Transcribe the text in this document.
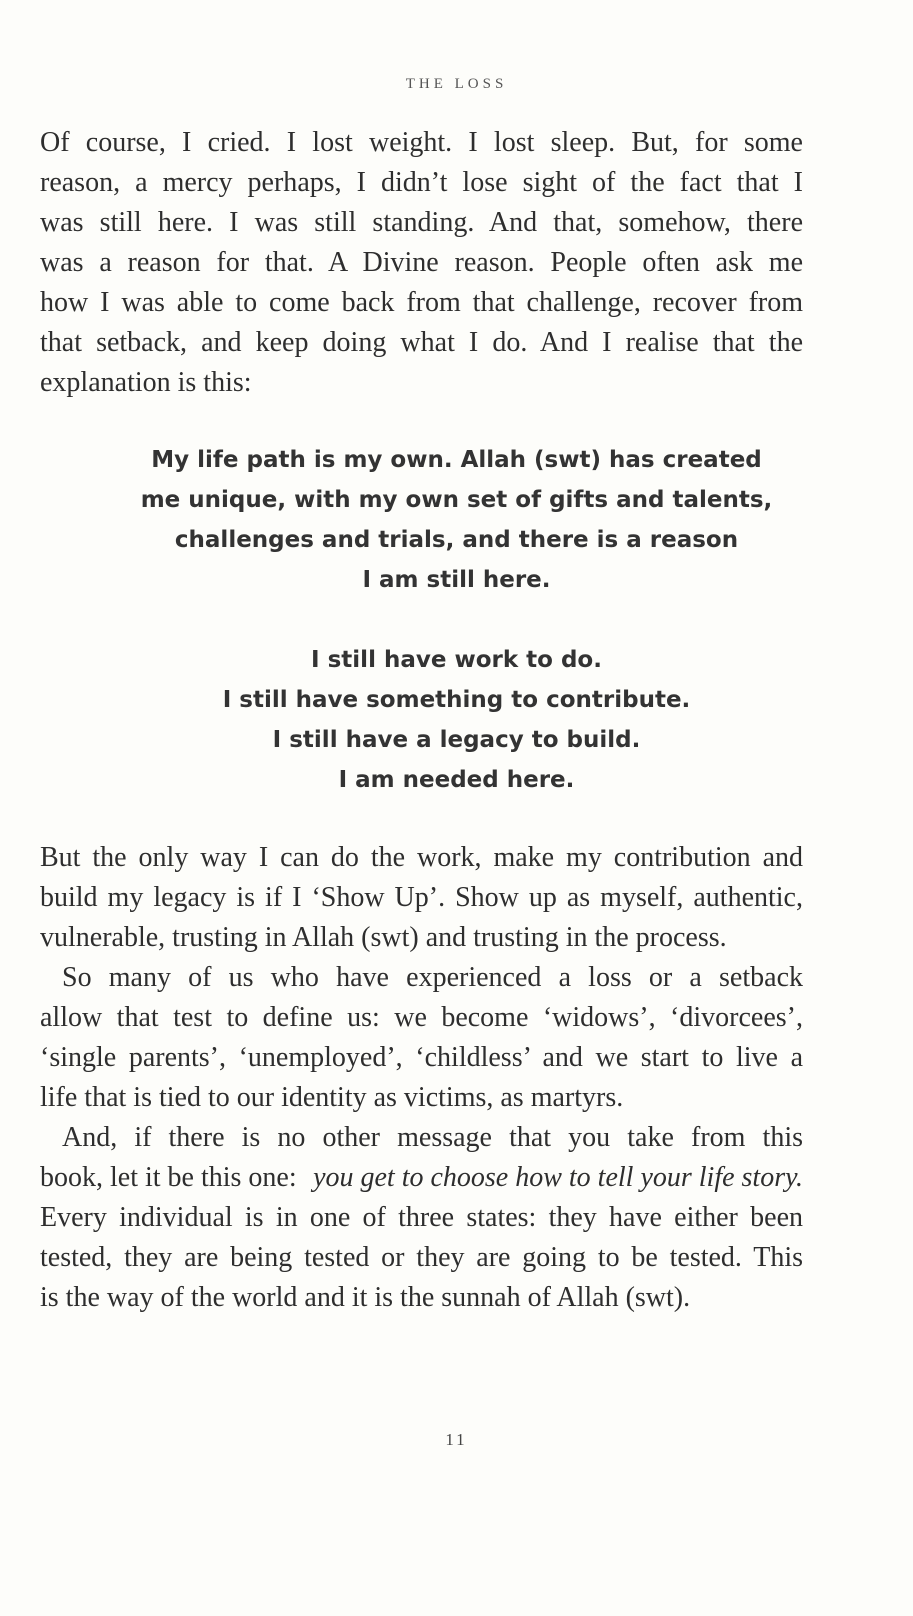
THE LOSS
Of course, I cried. I lost weight. I lost sleep. But, for some
reason, a mercy perhaps, I didn’t lose sight of the fact that I
was still here. I was still standing. And that, somehow, there
was a reason for that. A Divine reason. People often ask me
how I was able to come back from that challenge, recover from
that setback, and keep doing what I do. And I realise that the
explanation is this:
My life path is my own. Allah (swt) has created
me unique, with my own set of gifts and talents,
challenges and trials, and there is a reason
I am still here.
I still have work to do.
I still have something to contribute.
I still have a legacy to build.
I am needed here.
But the only way I can do the work, make my contribution and
build my legacy is if I ‘Show Up’. Show up as myself, authentic,
vulnerable, trusting in Allah (swt) and trusting in the process.
So many of us who have experienced a loss or a setback
allow that test to define us: we become ‘widows’, ‘divorcees’,
‘single parents’, ‘unemployed’, ‘childless’ and we start to live a
life that is tied to our identity as victims, as martyrs.
And, if there is no other message that you take from this
book, let it be this one: you get to choose how to tell your life story.
Every individual is in one of three states: they have either been
tested, they are being tested or they are going to be tested. This
is the way of the world and it is the sunnah of Allah (swt).
11
